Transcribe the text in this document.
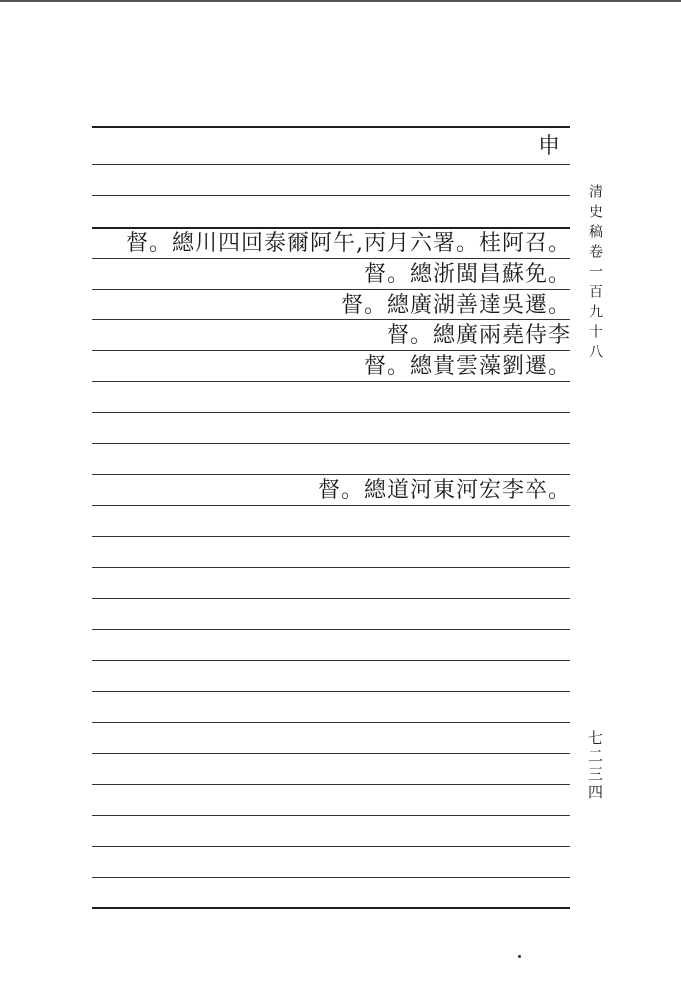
申
督。總川四回泰爾阿午,丙月六署。桂阿召。
督。總浙閩昌蘇免。
督。總廣湖善達吳遷。
督。總廣兩堯侍李
督。總貴雲藻劉遷。
督。總道河東河宏李卒。
清史稿卷一百九十八
七二三四
